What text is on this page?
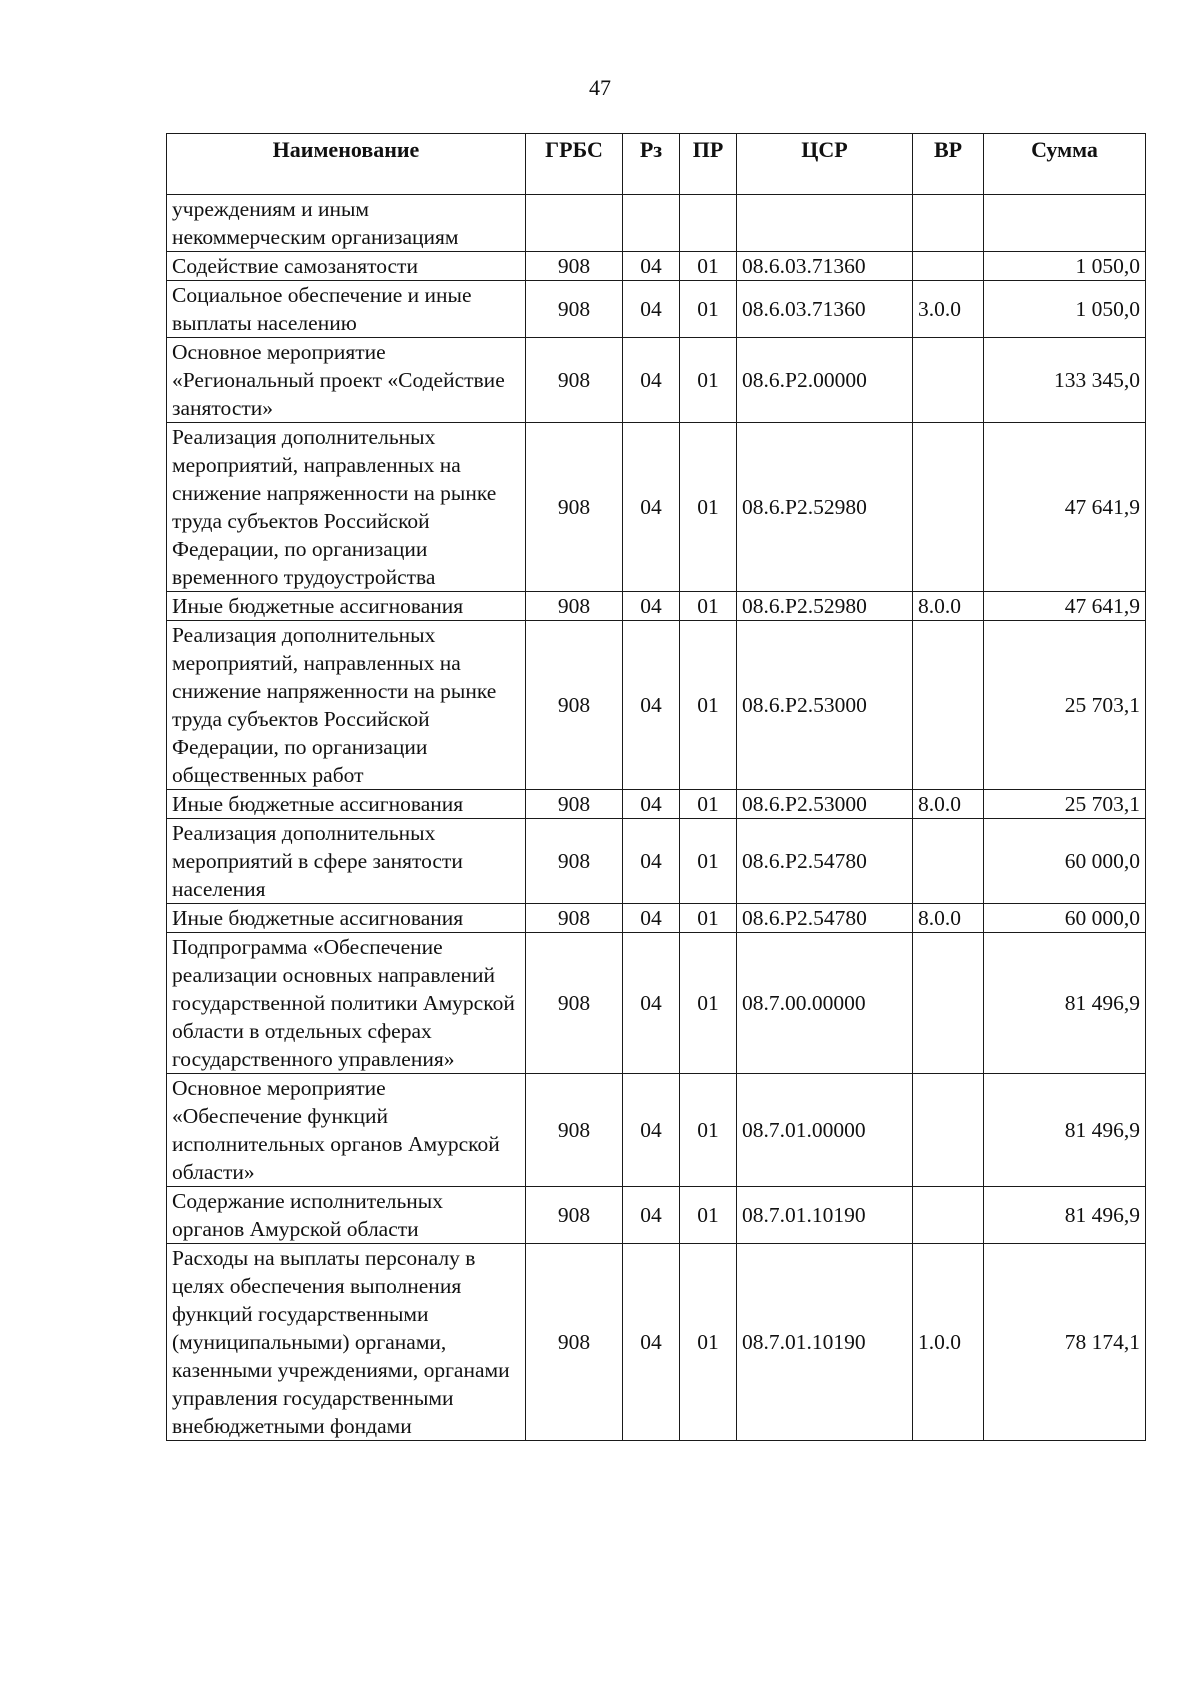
47
Наименование	ГРБС	Рз	ПР	ЦСР	ВР	Сумма
учреждениям и иным некоммерческим организациям						
Содействие самозанятости	908	04	01	08.6.03.71360		1 050,0
Социальное обеспечение и иные выплаты населению	908	04	01	08.6.03.71360	3.0.0	1 050,0
Основное мероприятие «Региональный проект «Содействие занятости»	908	04	01	08.6.Р2.00000		133 345,0
Реализация дополнительных мероприятий, направленных на снижение напряженности на рынке труда субъектов Российской Федерации, по организации временного трудоустройства	908	04	01	08.6.Р2.52980		47 641,9
Иные бюджетные ассигнования	908	04	01	08.6.Р2.52980	8.0.0	47 641,9
Реализация дополнительных мероприятий, направленных на снижение напряженности на рынке труда субъектов Российской Федерации, по организации общественных работ	908	04	01	08.6.Р2.53000		25 703,1
Иные бюджетные ассигнования	908	04	01	08.6.Р2.53000	8.0.0	25 703,1
Реализация дополнительных мероприятий в сфере занятости населения	908	04	01	08.6.Р2.54780		60 000,0
Иные бюджетные ассигнования	908	04	01	08.6.Р2.54780	8.0.0	60 000,0
Подпрограмма «Обеспечение реализации основных направлений государственной политики Амурской области в отдельных сферах государственного управления»	908	04	01	08.7.00.00000		81 496,9
Основное мероприятие «Обеспечение функций исполнительных органов Амурской области»	908	04	01	08.7.01.00000		81 496,9
Содержание исполнительных органов Амурской области	908	04	01	08.7.01.10190		81 496,9
Расходы на выплаты персоналу в целях обеспечения выполнения функций государственными (муниципальными) органами, казенными учреждениями, органами управления государственными внебюджетными фондами	908	04	01	08.7.01.10190	1.0.0	78 174,1
